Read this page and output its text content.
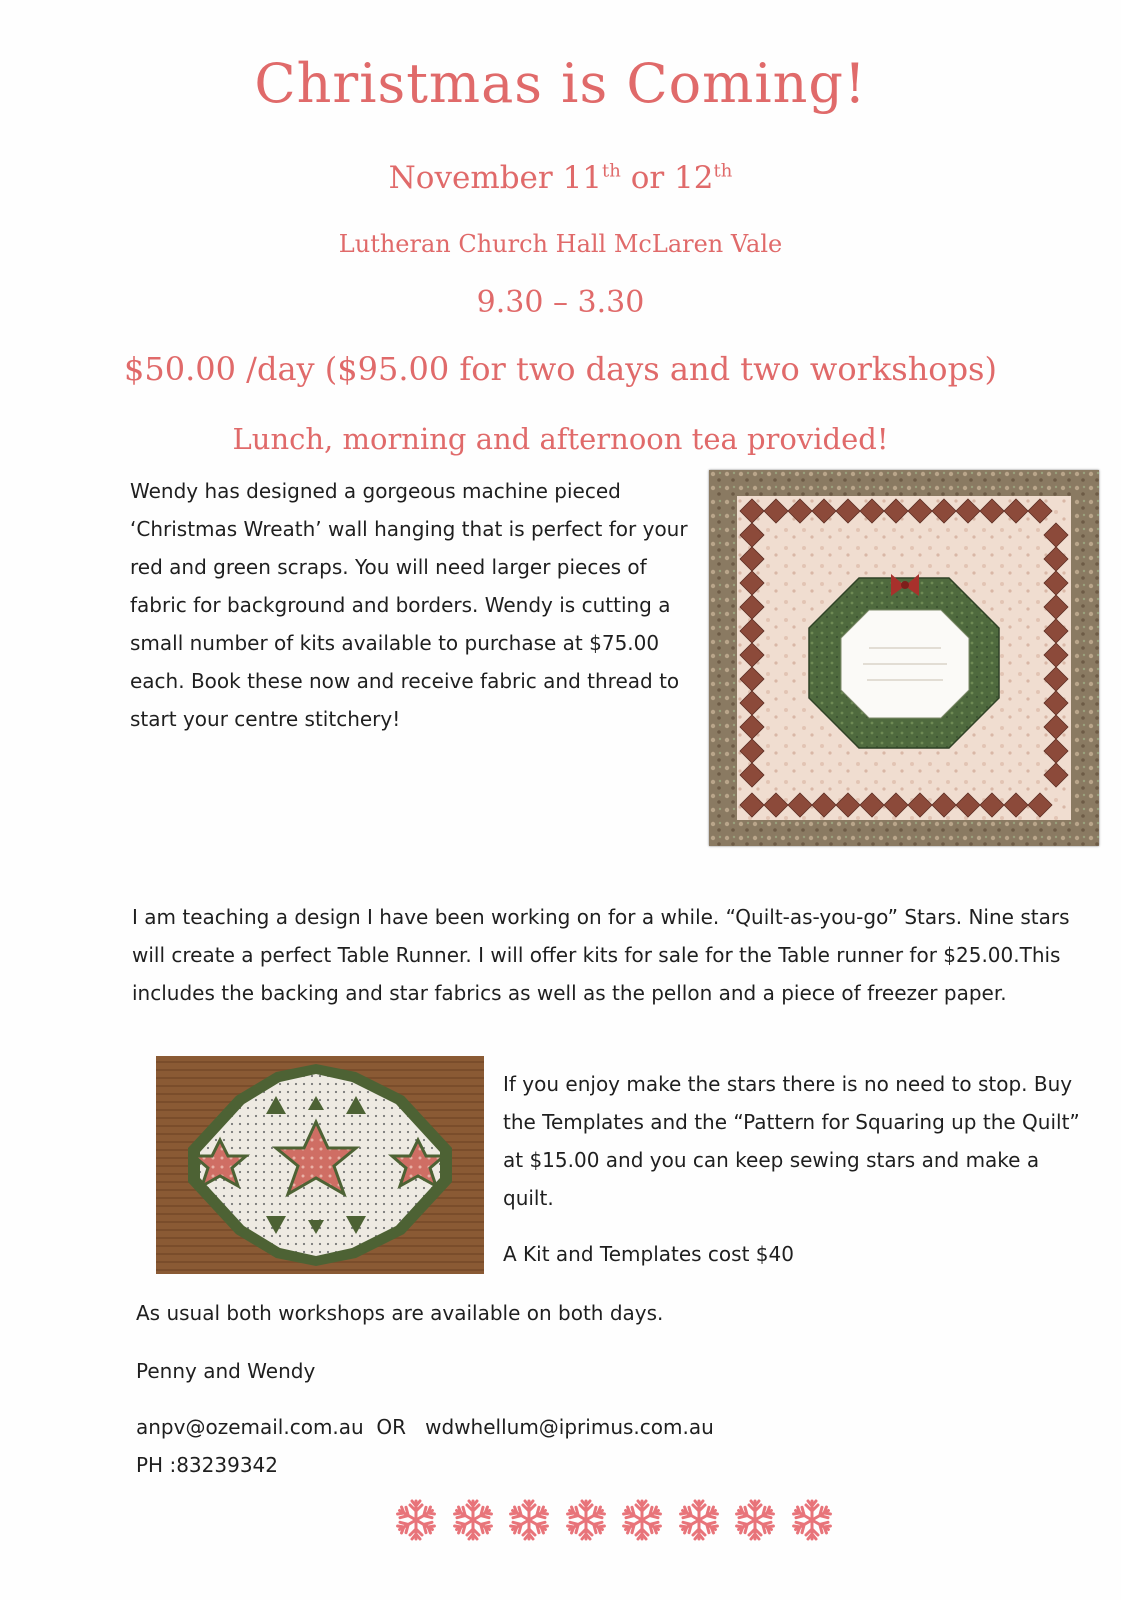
Christmas is Coming!
November 11th or 12th
Lutheran Church Hall McLaren Vale
9.30 – 3.30
$50.00 /day ($95.00 for two days and two workshops)
Lunch, morning and afternoon tea provided!

Wendy has designed a gorgeous machine pieced ‘Christmas Wreath’ wall hanging that is perfect for your red and green scraps. You will need larger pieces of fabric for background and borders. Wendy is cutting a small number of kits available to purchase at $75.00 each. Book these now and receive fabric and thread to start your centre stitchery!

I am teaching a design I have been working on for a while. “Quilt-as-you-go” Stars. Nine stars will create a perfect Table Runner. I will offer kits for sale for the Table runner for $25.00.This includes the backing and star fabrics as well as the pellon and a piece of freezer paper.

If you enjoy make the stars there is no need to stop. Buy the Templates and the “Pattern for Squaring up the Quilt” at $15.00 and you can keep sewing stars and make a quilt.

A Kit and Templates cost $40

As usual both workshops are available on both days.

Penny and Wendy

anpv@ozemail.com.au  OR   wdwhellum@iprimus.com.au

PH :83239342
